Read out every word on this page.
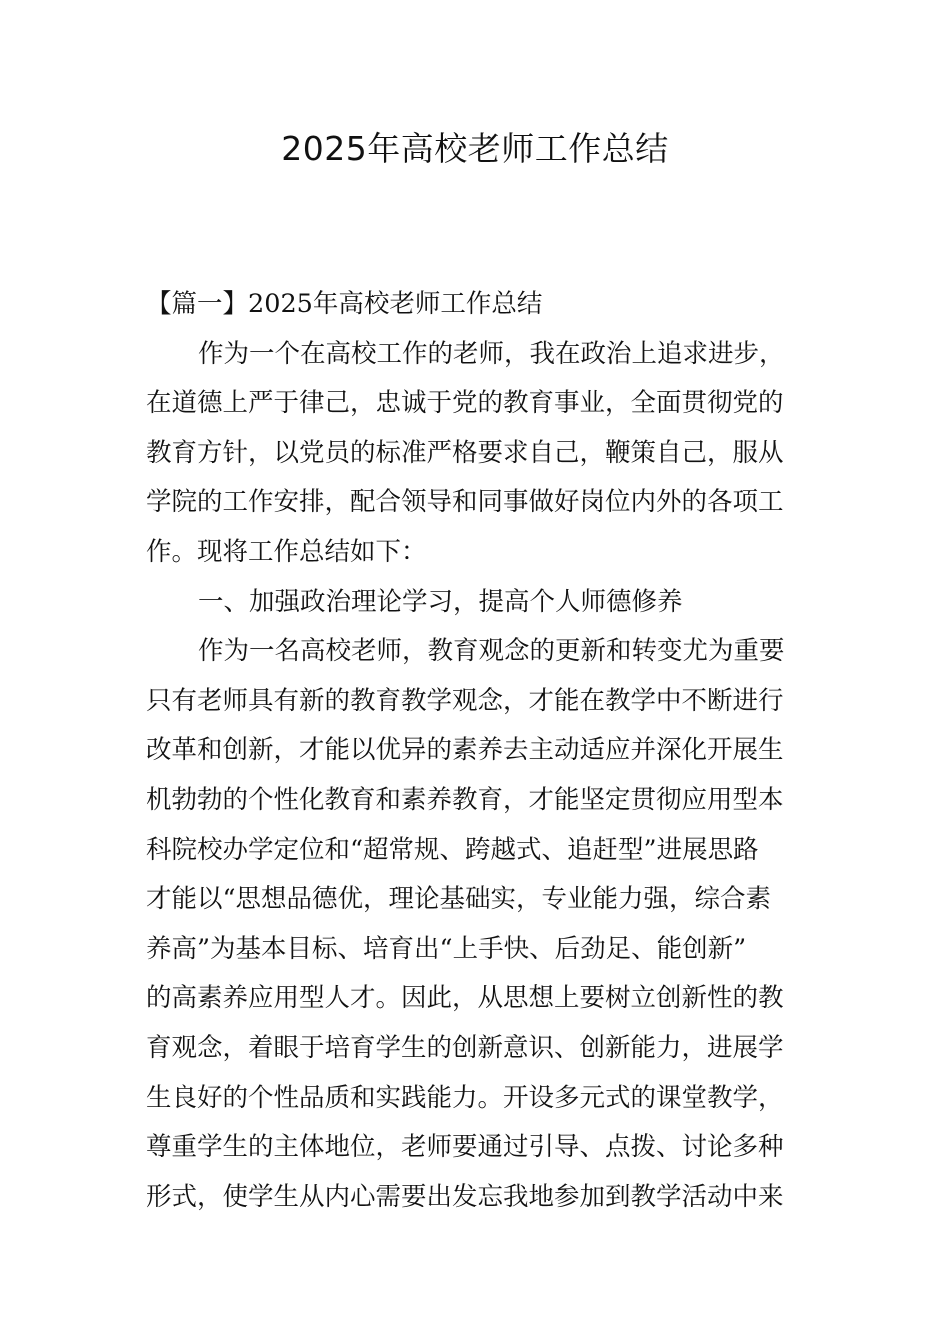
2025年高校老师工作总结
【篇一】2025年高校老师工作总结
作为一个在高校工作的老师，我在政治上追求进步，
在道德上严于律己，忠诚于党的教育事业，全面贯彻党的
教育方针，以党员的标准严格要求自己，鞭策自己，服从
学院的工作安排，配合领导和同事做好岗位内外的各项工
作。现将工作总结如下：
一、加强政治理论学习，提高个人师德修养
作为一名高校老师，教育观念的更新和转变尤为重要
只有老师具有新的教育教学观念，才能在教学中不断进行
改革和创新，才能以优异的素养去主动适应并深化开展生
机勃勃的个性化教育和素养教育，才能坚定贯彻应用型本
科院校办学定位和“超常规、跨越式、追赶型”进展思路
才能以“思想品德优，理论基础实，专业能力强，综合素
养高”为基本目标、培育出“上手快、后劲足、能创新”
的高素养应用型人才。因此，从思想上要树立创新性的教
育观念，着眼于培育学生的创新意识、创新能力，进展学
生良好的个性品质和实践能力。开设多元式的课堂教学，
尊重学生的主体地位，老师要通过引导、点拨、讨论多种
形式，使学生从内心需要出发忘我地参加到教学活动中来
